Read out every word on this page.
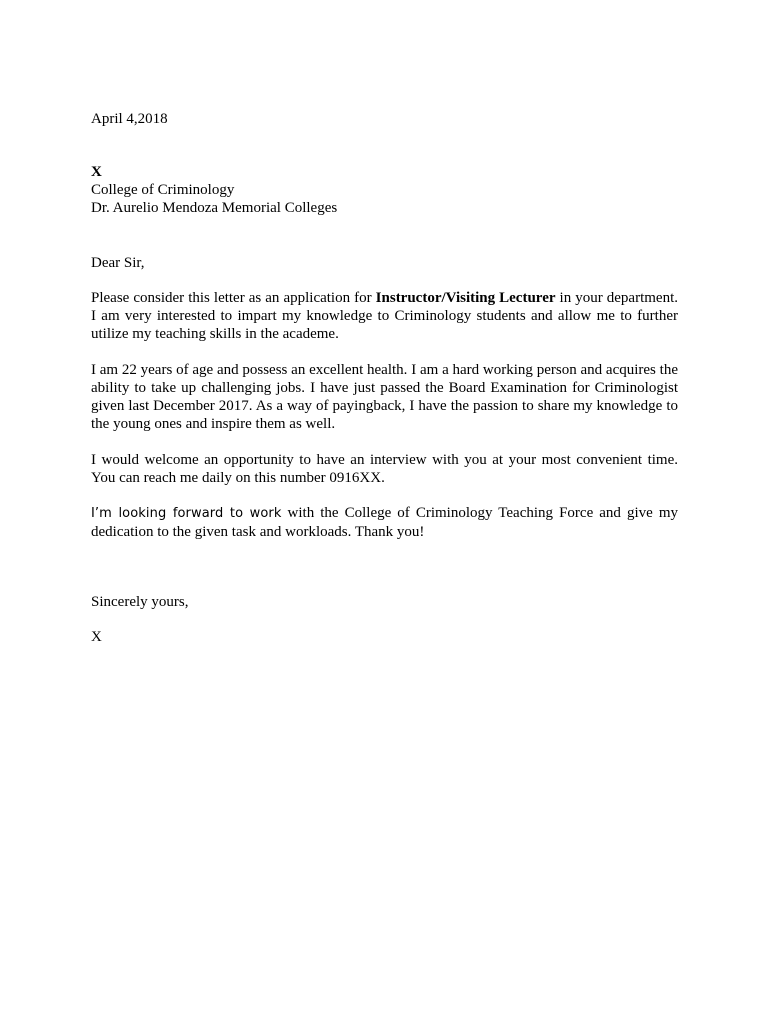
April 4,2018
X
College of Criminology
Dr. Aurelio Mendoza Memorial Colleges
Dear Sir,
Please consider this letter as an application for Instructor/Visiting Lecturer in your department. I am very interested to impart my knowledge to Criminology students and allow me to further utilize my teaching skills in the academe.
I am 22 years of age and possess an excellent health. I am a hard working person and acquires the ability to take up challenging jobs. I have just passed the Board Examination for Criminologist given last December 2017. As a way of payingback, I have the passion to share my knowledge to the young ones and inspire them as well.
I would welcome an opportunity to have an interview with you at your most convenient time. You can reach me daily on this number 0916XX.
I’m looking forward to work with the College of Criminology Teaching Force and give my dedication to the given task and workloads. Thank you!
Sincerely yours,
X
